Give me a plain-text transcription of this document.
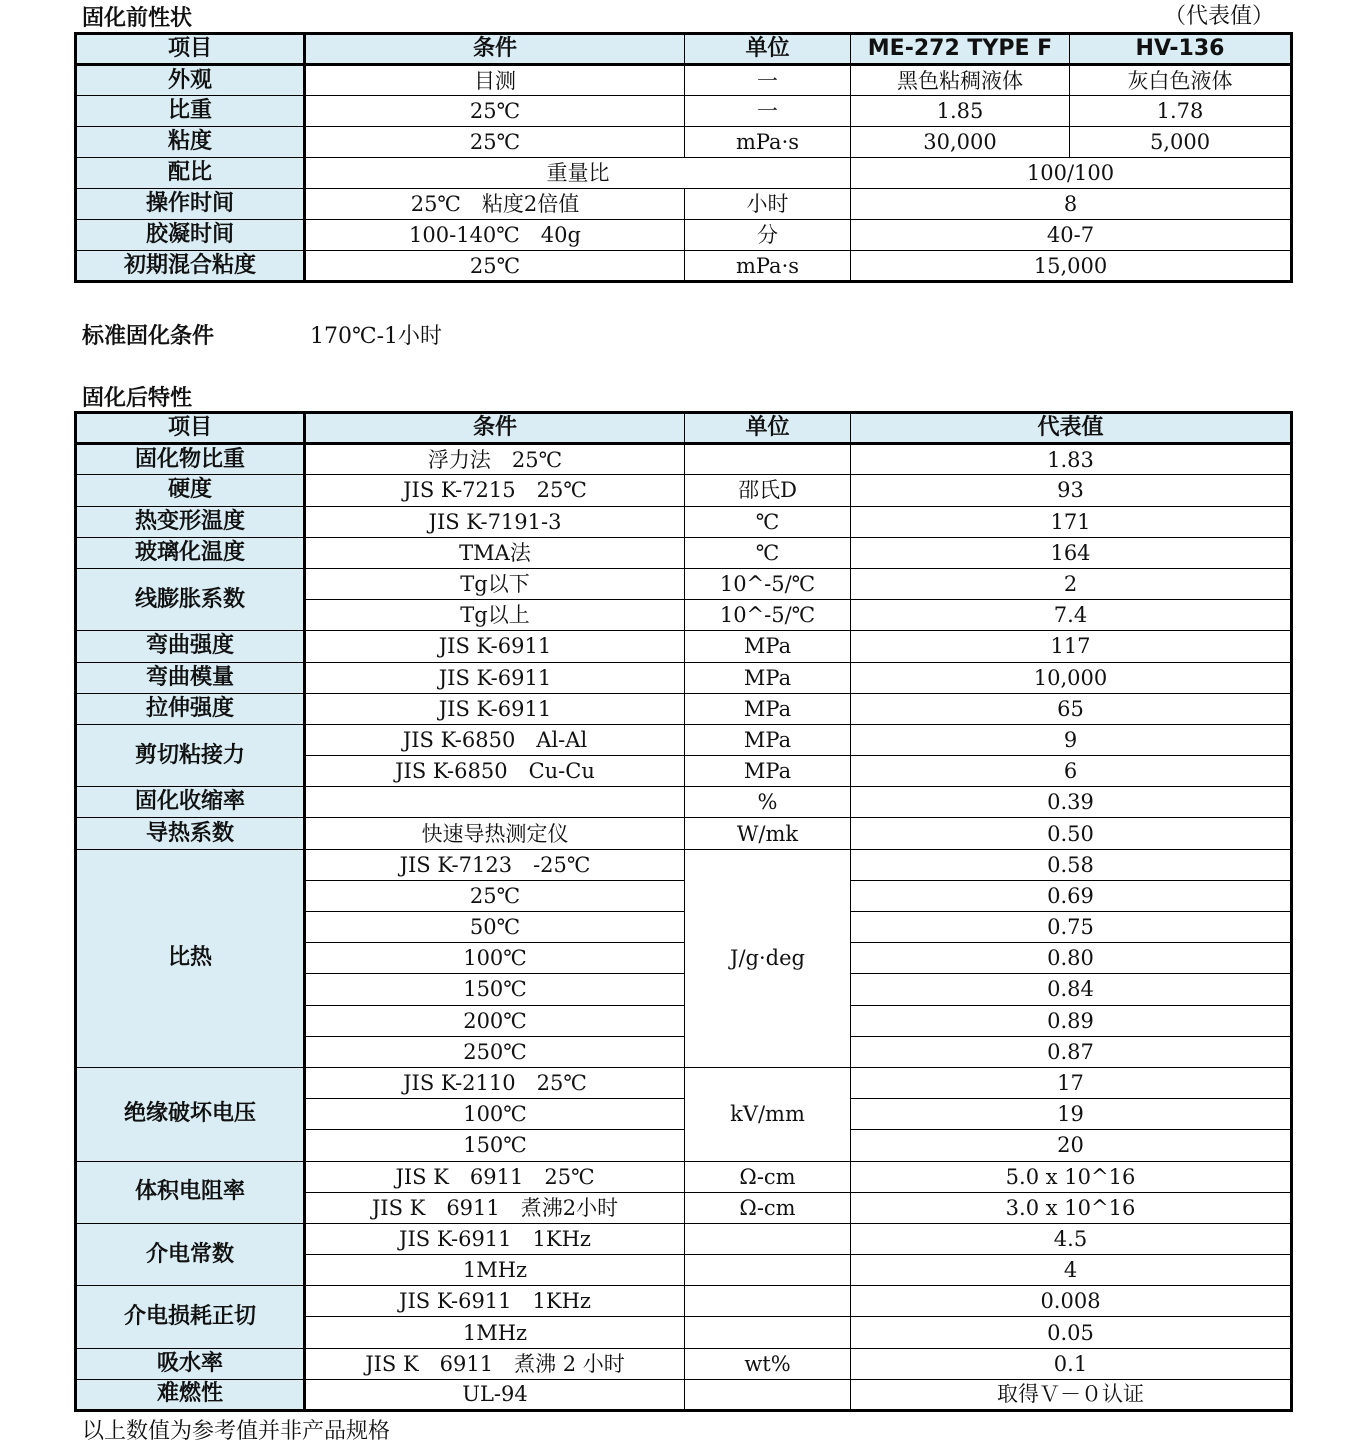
固化前性状	（代表值）
项目	条件	单位	ME-272 TYPE F	HV-136
外观	目测	一	黑色粘稠液体	灰白色液体
比重	25℃	一	1.85	1.78
粘度	25℃	mPa·s	30,000	5,000
配比	重量比		100/100	
操作时间	25℃　粘度2倍值	小时	8	
胶凝时间	100-140℃　40g	分	40-7	
初期混合粘度	25℃	mPa·s	15,000	
标准固化条件	170℃-1小时
固化后特性
项目	条件	单位	代表值
固化物比重	浮力法　25℃		1.83
硬度	JIS K-7215　25℃	邵氏D	93
热变形温度	JIS K-7191-3	℃	171
玻璃化温度	TMA法	℃	164
线膨胀系数	Tg以下	10^-5/℃	2
	Tg以上	10^-5/℃	7.4
弯曲强度	JIS K-6911	MPa	117
弯曲模量	JIS K-6911	MPa	10,000
拉伸强度	JIS K-6911	MPa	65
剪切粘接力	JIS K-6850　Al-Al	MPa	9
	JIS K-6850　Cu-Cu	MPa	6
固化收缩率		%	0.39
导热系数	快速导热测定仪	W/mk	0.50
比热	JIS K-7123　-25℃	J/g·deg	0.58
	25℃		0.69
	50℃		0.75
	100℃		0.80
	150℃		0.84
	200℃		0.89
	250℃		0.87
绝缘破坏电压	JIS K-2110　25℃	kV/mm	17
	100℃		19
	150℃		20
体积电阻率	JIS K　6911　25℃	Ω-cm	5.0 x 10^16
	JIS K　6911　煮沸2小时	Ω-cm	3.0 x 10^16
介电常数	JIS K-6911　1KHz		4.5
	1MHz		4
介电损耗正切	JIS K-6911　1KHz		0.008
	1MHz		0.05
吸水率	JIS K　6911　煮沸 2 小时	wt%	0.1
难燃性	UL-94		取得Ｖ－０认证
以上数值为参考值并非产品规格
